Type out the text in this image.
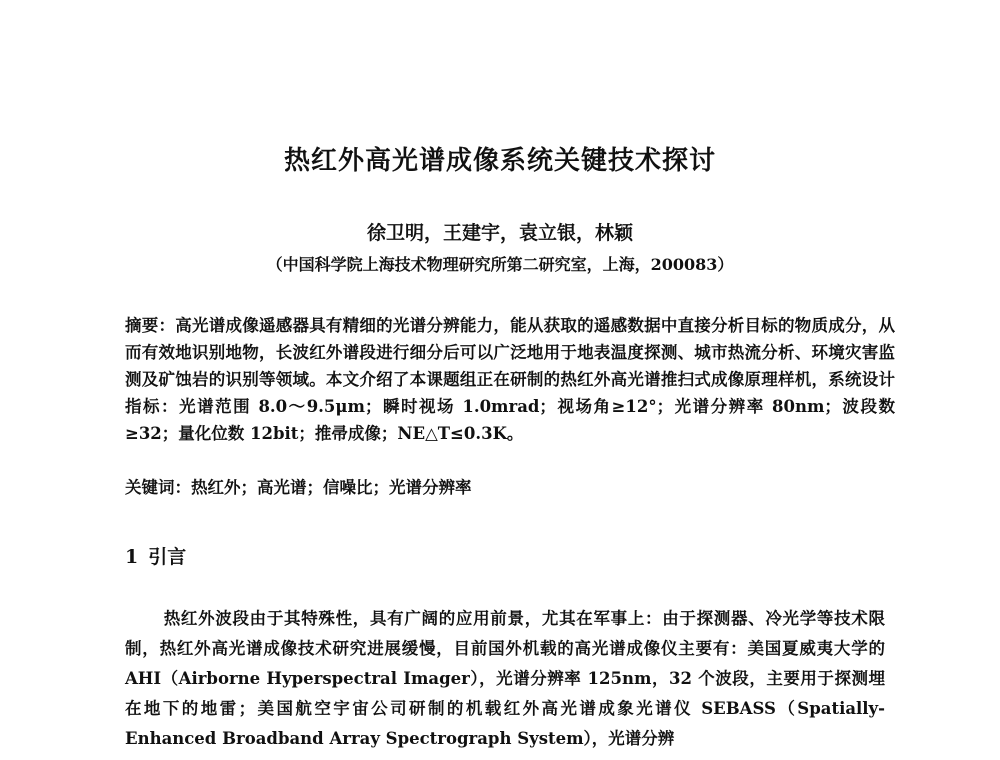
热红外高光谱成像系统关键技术探讨
徐卫明，王建宇，袁立银，林颖
（中国科学院上海技术物理研究所第二研究室，上海，200083）
摘要：高光谱成像遥感器具有精细的光谱分辨能力，能从获取的遥感数据中直接分析目标的物质成分，从而有效地识别地物，长波红外谱段进行细分后可以广泛地用于地表温度探测、城市热流分析、环境灾害监测及矿蚀岩的识别等领域。本文介绍了本课题组正在研制的热红外高光谱推扫式成像原理样机，系统设计指标：光谱范围 8.0～9.5μm；瞬时视场 1.0mrad；视场角≥12°；光谱分辨率 80nm；波段数≥32；量化位数 12bit；推帚成像；NE△T≤0.3K。
关键词：热红外；高光谱；信噪比；光谱分辨率
1 引言
热红外波段由于其特殊性，具有广阔的应用前景，尤其在军事上：由于探测器、冷光学等技术限制，热红外高光谱成像技术研究进展缓慢，目前国外机载的高光谱成像仪主要有：美国夏威夷大学的 AHI（Airborne Hyperspectral Imager），光谱分辨率 125nm，32 个波段，主要用于探测埋在地下的地雷；美国航空宇宙公司研制的机载红外高光谱成象光谱仪 SEBASS（Spatially-Enhanced Broadband Array Spectrograph System），光谱分辨
